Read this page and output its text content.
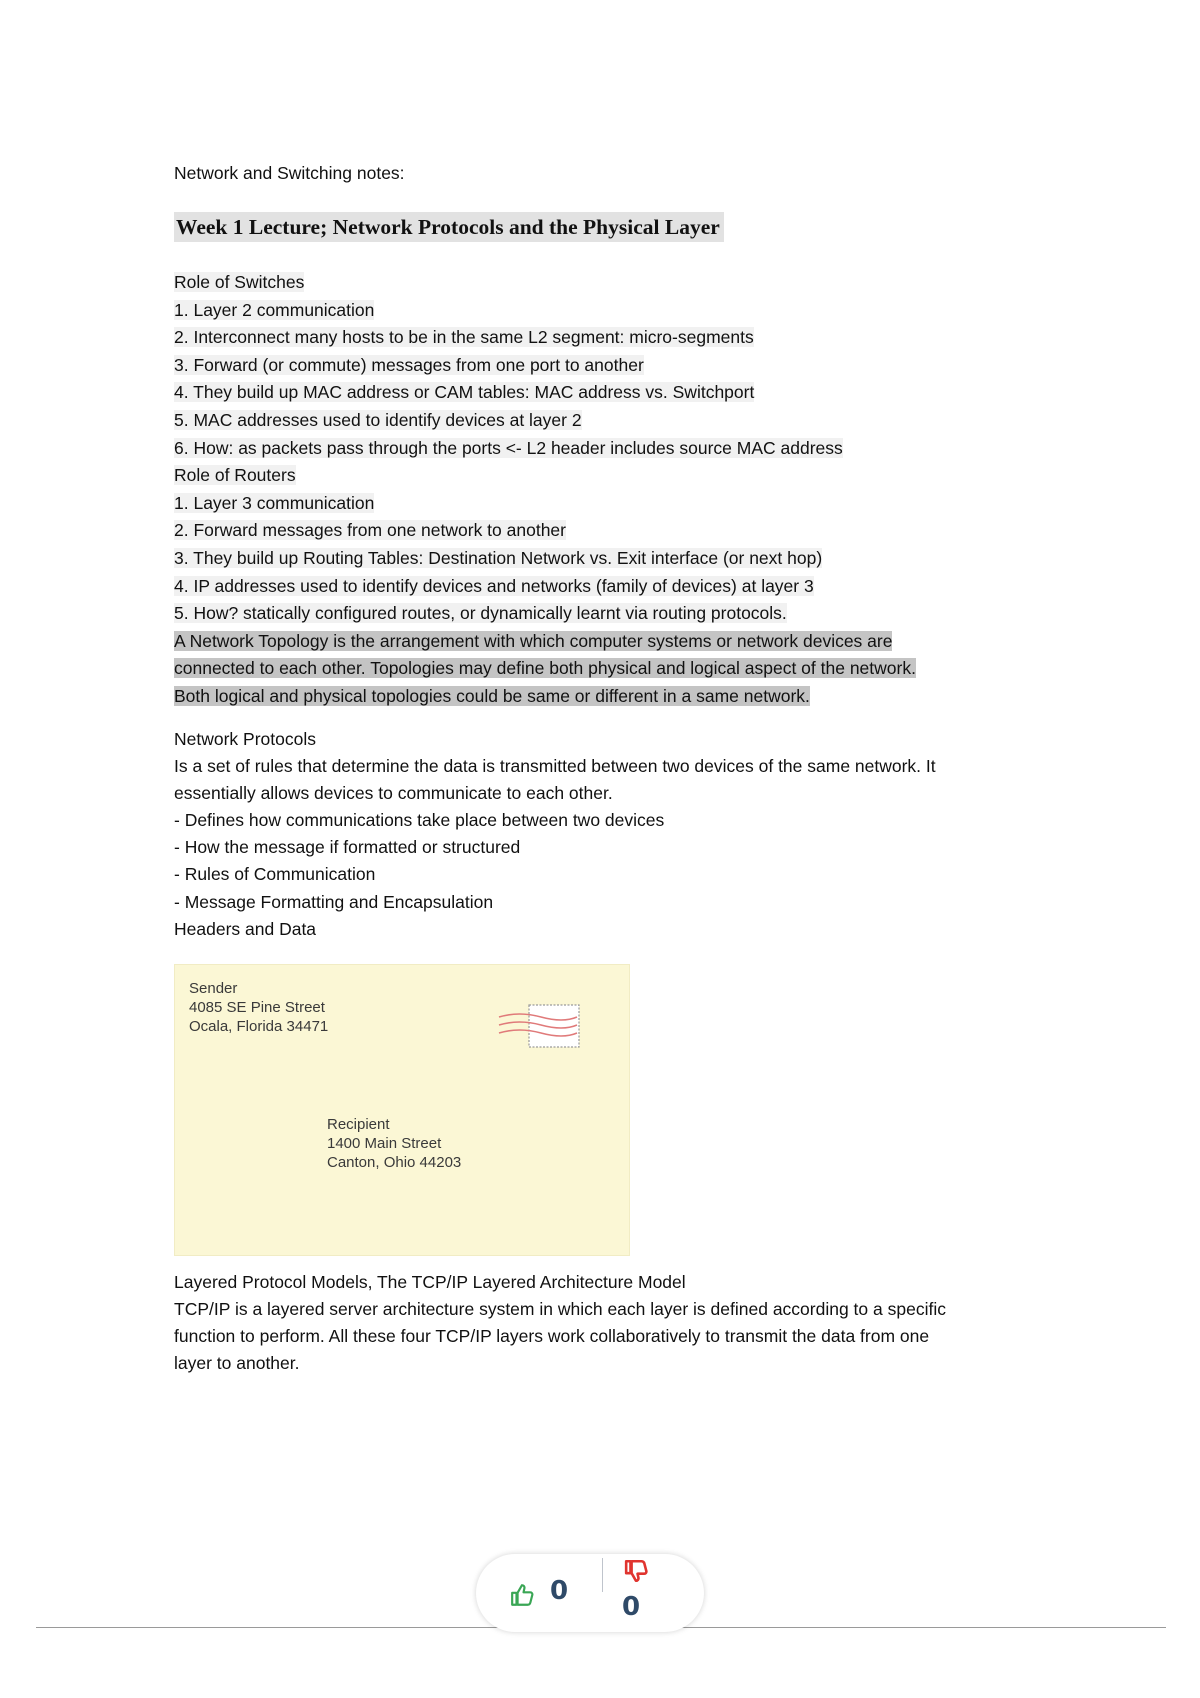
Network and Switching notes:
Week 1 Lecture; Network Protocols and the Physical Layer
Role of Switches
1. Layer 2 communication
2. Interconnect many hosts to be in the same L2 segment: micro-segments
3. Forward (or commute) messages from one port to another
4. They build up MAC address or CAM tables: MAC address vs. Switchport
5. MAC addresses used to identify devices at layer 2
6. How: as packets pass through the ports <- L2 header includes source MAC address
Role of Routers
1. Layer 3 communication
2. Forward messages from one network to another
3. They build up Routing Tables: Destination Network vs. Exit interface (or next hop)
4. IP addresses used to identify devices and networks (family of devices) at layer 3
5. How? statically configured routes, or dynamically learnt via routing protocols.
A Network Topology is the arrangement with which computer systems or network devices are
connected to each other. Topologies may define both physical and logical aspect of the network.
Both logical and physical topologies could be same or different in a same network.
Network Protocols
Is a set of rules that determine the data is transmitted between two devices of the same network. It
essentially allows devices to communicate to each other.
- Defines how communications take place between two devices
- How the message if formatted or structured
- Rules of Communication
- Message Formatting and Encapsulation
Headers and Data
Sender
4085 SE Pine Street
Ocala, Florida 34471
Recipient
1400 Main Street
Canton, Ohio 44203
Layered Protocol Models, The TCP/IP Layered Architecture Model
TCP/IP is a layered server architecture system in which each layer is defined according to a specific
function to perform. All these four TCP/IP layers work collaboratively to transmit the data from one
layer to another.
0
0
